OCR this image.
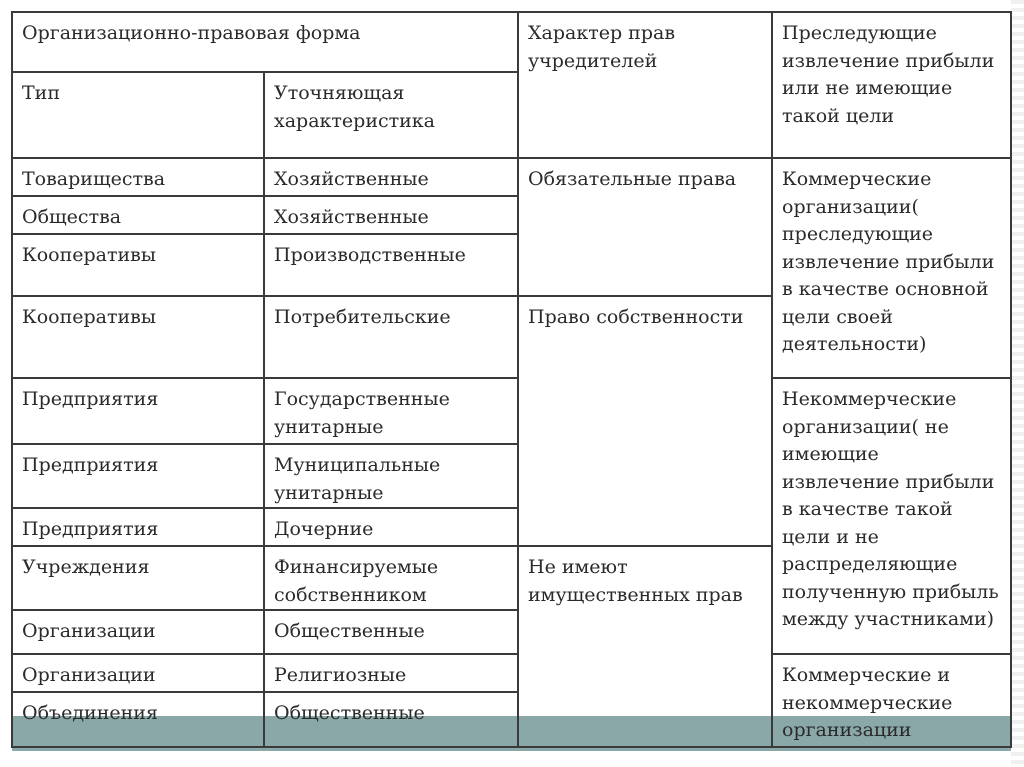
Организационно-правовая форма
Тип	Уточняющая
характеристика
Характер прав
учредителей
Преследующие
извлечение прибыли
или не имеющие
такой цели
Товарищества
Общества
Кооперативы
Кооперативы
Предприятия
Предприятия
Предприятия
Учреждения
Организации
Организации
Объединения
Хозяйственные
Хозяйственные
Производственные
Потребительские
Государственные
унитарные
Муниципальные
унитарные
Дочерние
Финансируемые
собственником
Общественные
Религиозные
Общественные
Обязательные права
Право собственности
Не имеют
имущественных прав
Коммерческие
организации(
преследующие
извлечение прибыли
в качестве основной
цели своей
деятельности)
Некоммерческие
организации( не
имеющие
извлечение прибыли
в качестве такой
цели и не
распределяющие
полученную прибыль
между участниками)
Коммерческие и
некоммерческие
организации
